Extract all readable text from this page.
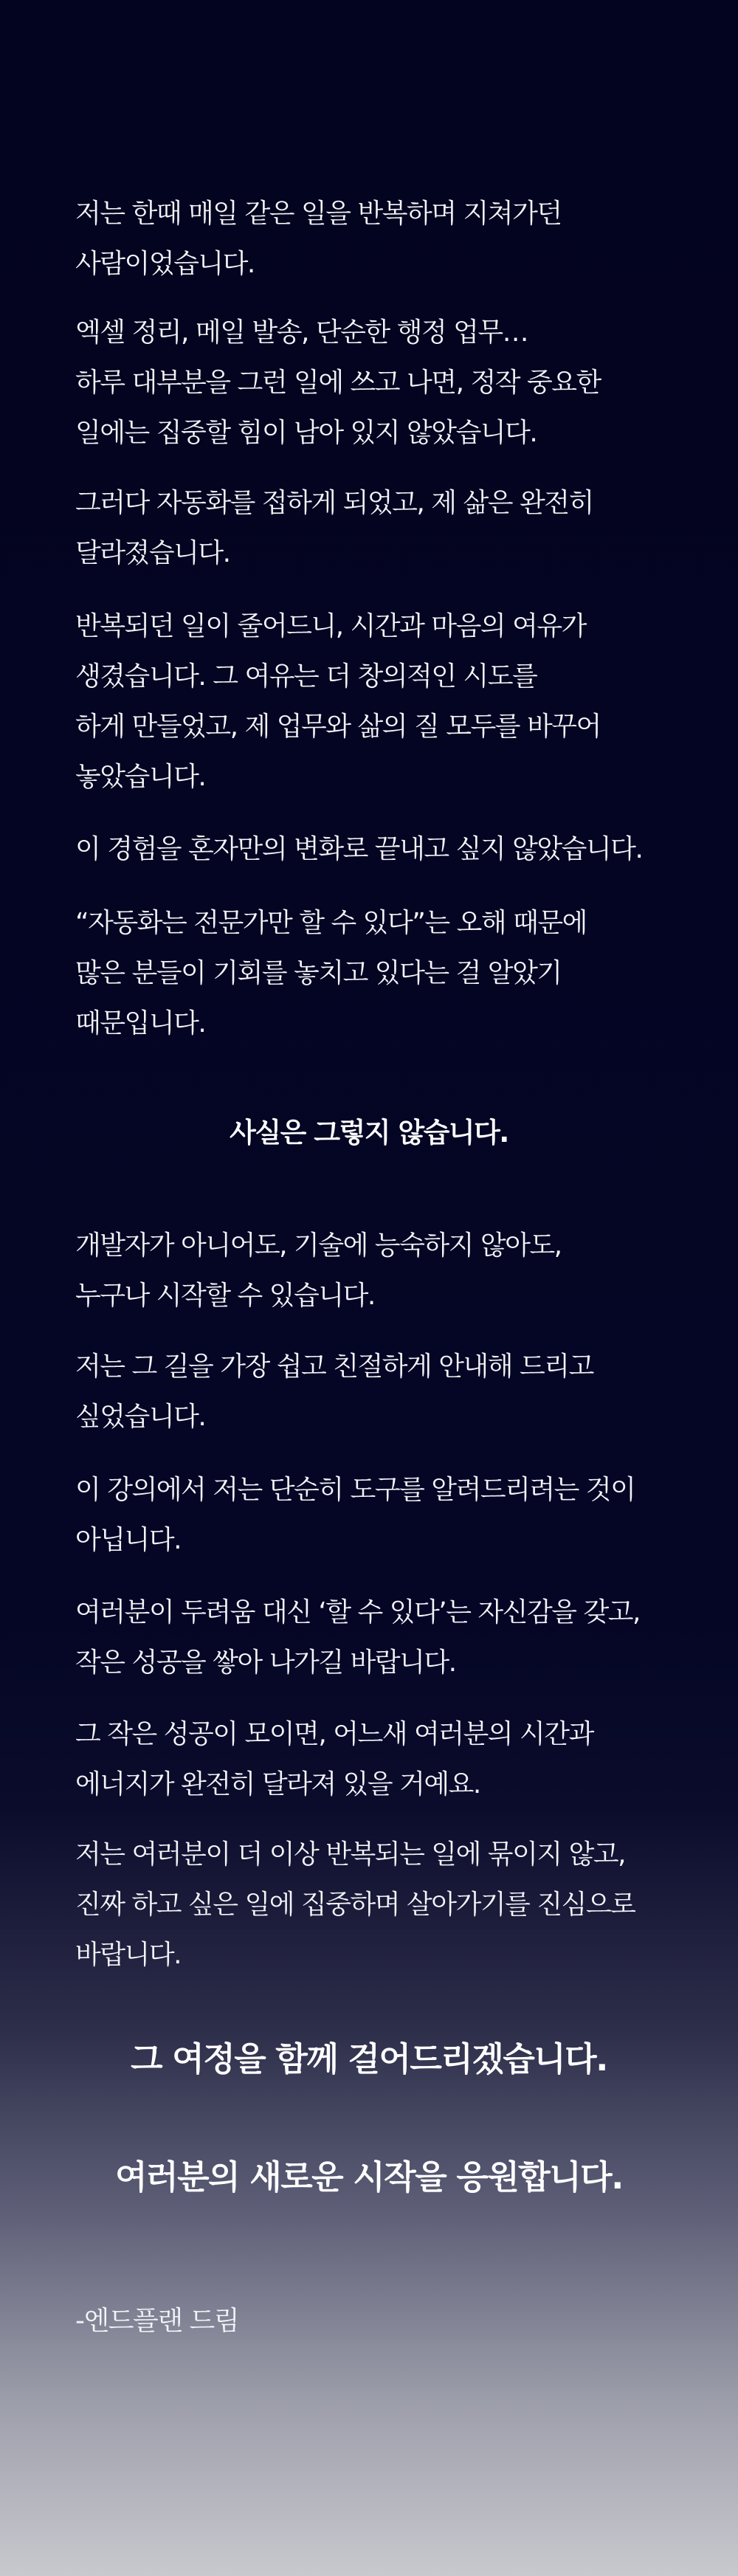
저는 한때 매일 같은 일을 반복하며 지쳐가던
사람이었습니다.
엑셀 정리, 메일 발송, 단순한 행정 업무…
하루 대부분을 그런 일에 쓰고 나면, 정작 중요한
일에는 집중할 힘이 남아 있지 않았습니다.
그러다 자동화를 접하게 되었고, 제 삶은 완전히
달라졌습니다.
반복되던 일이 줄어드니, 시간과 마음의 여유가
생겼습니다. 그 여유는 더 창의적인 시도를
하게 만들었고, 제 업무와 삶의 질 모두를 바꾸어
놓았습니다.
이 경험을 혼자만의 변화로 끝내고 싶지 않았습니다.
“자동화는 전문가만 할 수 있다”는 오해 때문에
많은 분들이 기회를 놓치고 있다는 걸 알았기
때문입니다.
사실은 그렇지 않습니다.
개발자가 아니어도, 기술에 능숙하지 않아도,
누구나 시작할 수 있습니다.
저는 그 길을 가장 쉽고 친절하게 안내해 드리고
싶었습니다.
이 강의에서 저는 단순히 도구를 알려드리려는 것이
아닙니다.
여러분이 두려움 대신 ‘할 수 있다’는 자신감을 갖고,
작은 성공을 쌓아 나가길 바랍니다.
그 작은 성공이 모이면, 어느새 여러분의 시간과
에너지가 완전히 달라져 있을 거예요.
저는 여러분이 더 이상 반복되는 일에 묶이지 않고,
진짜 하고 싶은 일에 집중하며 살아가기를 진심으로
바랍니다.
그 여정을 함께 걸어드리겠습니다.
여러분의 새로운 시작을 응원합니다.
-엔드플랜 드림
